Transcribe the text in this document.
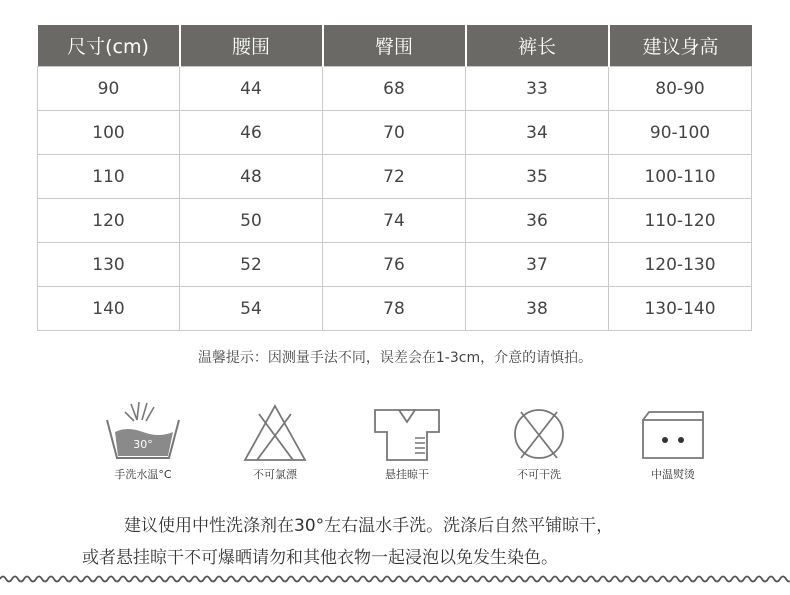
尺寸(cm)	腰围	臀围	裤长	建议身高
90	44	68	33	80-90
100	46	70	34	90-100
110	48	72	35	100-110
120	50	74	36	110-120
130	52	76	37	120-130
140	54	78	38	130-140
温馨提示：因测量手法不同，误差会在1-3cm，介意的请慎拍。
30°
手洗水温°C	不可氯漂	悬挂晾干	不可干洗	中温熨烫
建议使用中性洗涤剂在30°左右温水手洗。洗涤后自然平铺晾干，
或者悬挂晾干不可爆晒请勿和其他衣物一起浸泡以免发生染色。
